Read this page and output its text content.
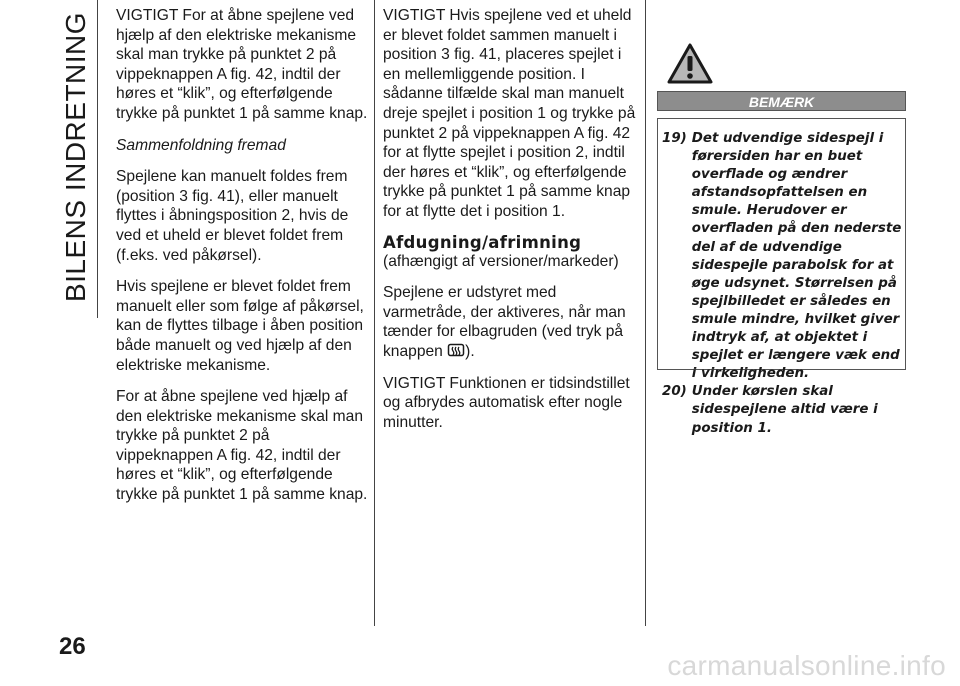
BILENS INDRETNING VIGTIGT For at åbne spejlene ved hjælp af den elektriske mekanisme skal man trykke på punktet 2 på vippeknappen A fig. 42, indtil der høres et “klik”, og efterfølgende trykke på punktet 1 på samme knap.

Sammenfoldning fremad

Spejlene kan manuelt foldes frem (position 3 fig. 41), eller manuelt flyttes i åbningsposition 2, hvis de ved et uheld er blevet foldet frem (f.eks. ved påkørsel).

Hvis spejlene er blevet foldet frem manuelt eller som følge af påkørsel, kan de flyttes tilbage i åben position både manuelt og ved hjælp af den elektriske mekanisme.

For at åbne spejlene ved hjælp af den elektriske mekanisme skal man trykke på punktet 2 på vippeknappen A fig. 42, indtil der høres et “klik”, og efterfølgende trykke på punktet 1 på samme knap.

VIGTIGT Hvis spejlene ved et uheld er blevet foldet sammen manuelt i position 3 fig. 41, placeres spejlet i en mellemliggende position. I sådanne tilfælde skal man manuelt dreje spejlet i position 1 og trykke på punktet 2 på vippeknappen A fig. 42 for at flytte spejlet i position 2, indtil der høres et “klik”, og efterfølgende trykke på punktet 1 på samme knap for at flytte det i position 1.

Afdugning/afrimning

(afhængigt af versioner/markeder)

Spejlene er udstyret med varmetråde, der aktiveres, når man tænder for elbagruden (ved tryk på knappen ).

VIGTIGT Funktionen er tidsindstillet og afbrydes automatisk efter nogle minutter.

BEMÆRK
19) Det udvendige sidespejl i førersiden har en buet overflade og ændrer afstandsopfattelsen en smule. Herudover er overfladen på den nederste del af de udvendige sidespejle parabolsk for at øge udsynet. Størrelsen på spejlbilledet er således en smule mindre, hvilket giver indtryk af, at objektet i spejlet er længere væk end i virkeligheden.
20) Under kørslen skal sidespejlene altid være i position 1.
26
carmanualsonline.info
